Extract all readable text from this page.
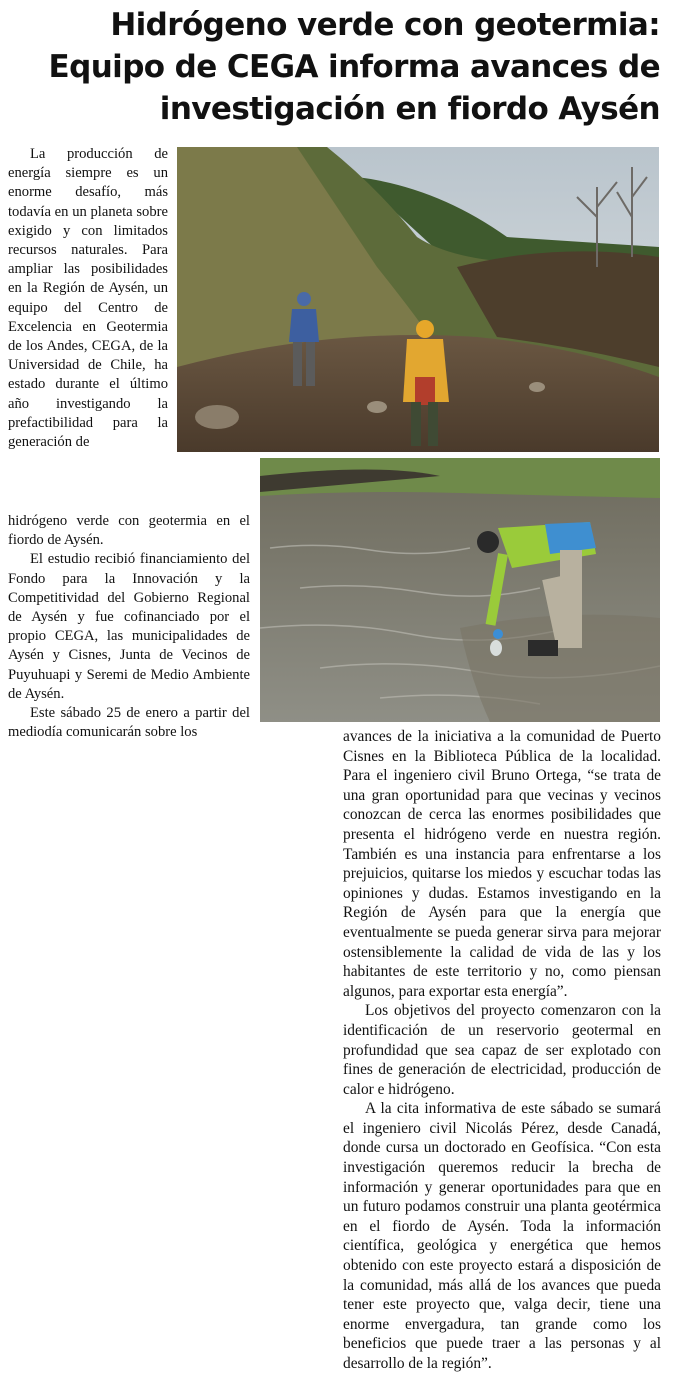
Hidrógeno verde con geotermia:
Equipo de CEGA informa avances de
investigación en fiordo Aysén

La producción de energía siempre es un enorme desafío, más todavía en un planeta sobre exigido y con limitados recursos naturales. Para ampliar las posibilidades en la Región de Aysén, un equipo del Centro de Excelencia en Geotermia de los Andes, CEGA, de la Universidad de Chile, ha estado durante el último año investigando la prefactibilidad para la generación de

hidrógeno verde con geotermia en el fiordo de Aysén.

El estudio recibió financiamiento del Fondo para la Innovación y la Competitividad del Gobierno Regional de Aysén y fue cofinanciado por el propio CEGA, las municipalidades de Aysén y Cisnes, Junta de Vecinos de Puyuhuapi y Seremi de Medio Ambiente de Aysén.

Este sábado 25 de enero a partir del mediodía comunicarán sobre los	avances de la iniciativa a la comunidad de Puerto Cisnes en la Biblioteca Pública de la localidad. Para el ingeniero civil Bruno Ortega, “se trata de una gran oportunidad para que vecinas y vecinos conozcan de cerca las enormes posibilidades que presenta el hidrógeno verde en nuestra región. También es una instancia para enfrentarse a los prejuicios, quitarse los miedos y escuchar todas las opiniones y dudas. Estamos investigando en la Región de Aysén para que la energía que eventualmente se pueda generar sirva para mejorar ostensiblemente la calidad de vida de las y los habitantes de este territorio y no, como piensan algunos, para exportar esta energía”.

Los objetivos del proyecto comenzaron con la identificación de un reservorio geotermal en profundidad que sea capaz de ser explotado con fines de generación de electricidad, producción de calor e hidrógeno.

A la cita informativa de este sábado se sumará el ingeniero civil Nicolás Pérez, desde Canadá, donde cursa un doctorado en Geofísica. “Con esta investigación queremos reducir la brecha de información y generar oportunidades para que en un futuro podamos construir una planta geotérmica en el fiordo de Aysén. Toda la información científica, geológica y energética que hemos obtenido con este proyecto estará a disposición de la comunidad, más allá de los avances que pueda tener este proyecto que, valga decir, tiene una enorme envergadura, tan grande como los beneficios que puede traer a las personas y al desarrollo de la región”.
